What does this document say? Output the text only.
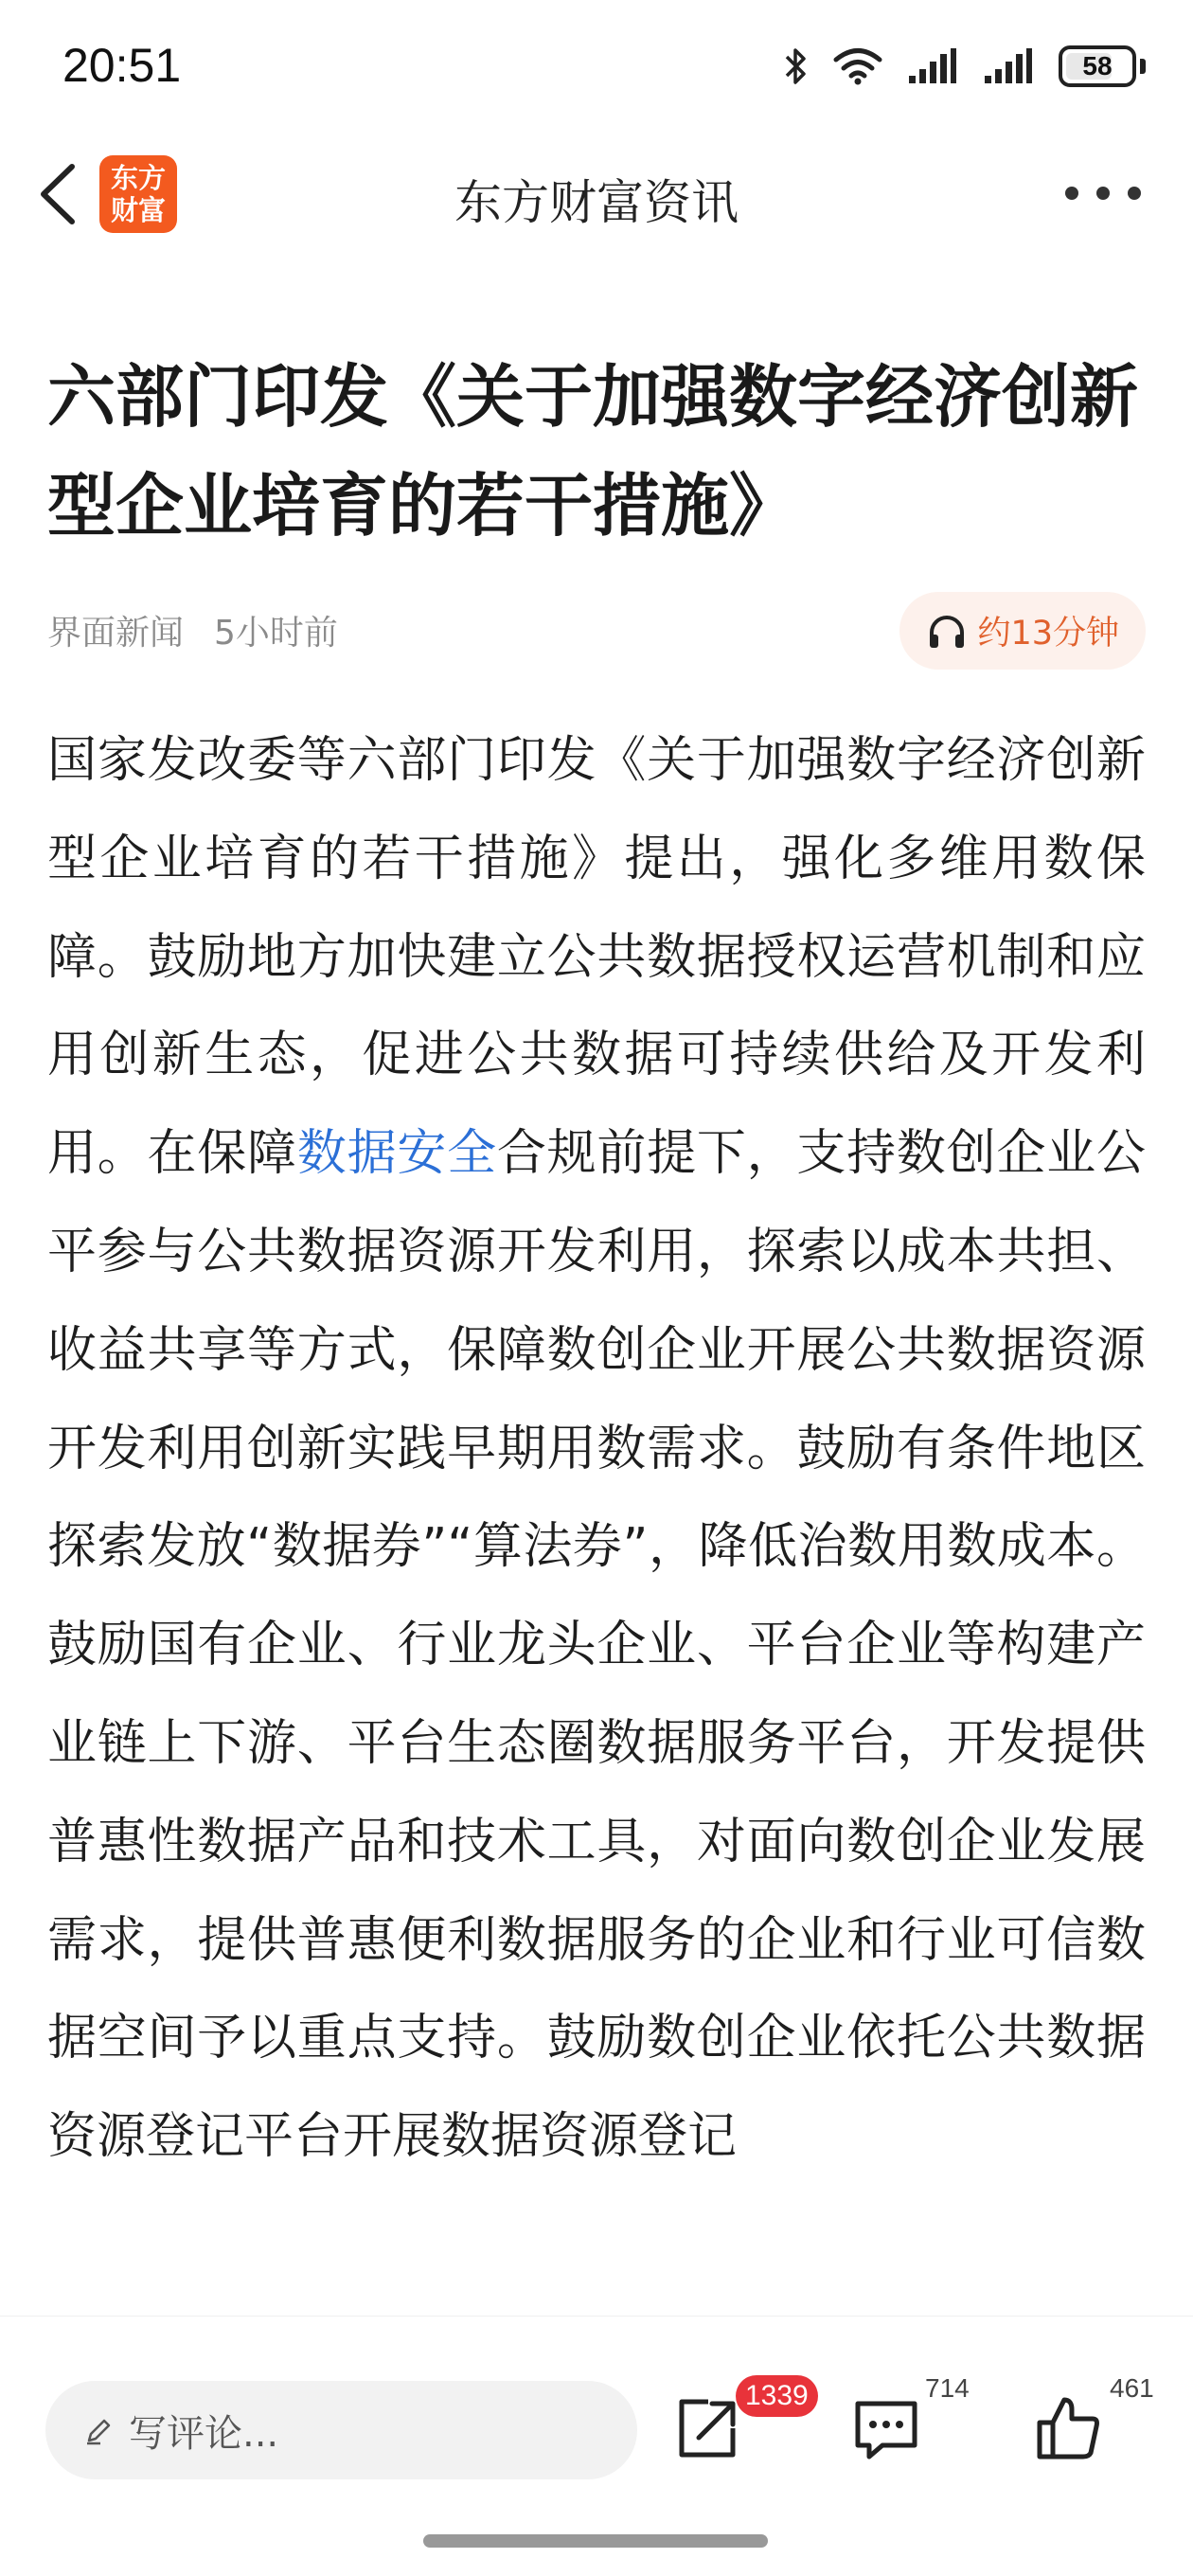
20:51	58
东方
财富	东方财富资讯
六部门印发《关于加强数字经济创新型企业培育的若干措施》
界面新闻 5小时前	约13分钟

国家发改委等六部门印发《关于加强数字经济创新型企业培育的若干措施》提出，强化多维用数保障。鼓励地方加快建立公共数据授权运营机制和应用创新生态，促进公共数据可持续供给及开发利用。在保障数据安全合规前提下，支持数创企业公平参与公共数据资源开发利用，探索以成本共担、收益共享等方式，保障数创企业开展公共数据资源开发利用创新实践早期用数需求。鼓励有条件地区探索发放“数据券”“算法券”，降低治数用数成本。鼓励国有企业、行业龙头企业、平台企业等构建产业链上下游、平台生态圈数据服务平台，开发提供普惠性数据产品和技术工具，对面向数创企业发展需求，提供普惠便利数据服务的企业和行业可信数据空间予以重点支持。鼓励数创企业依托公共数据资源登记平台开展数据资源登记

写评论...
1339	714	461
